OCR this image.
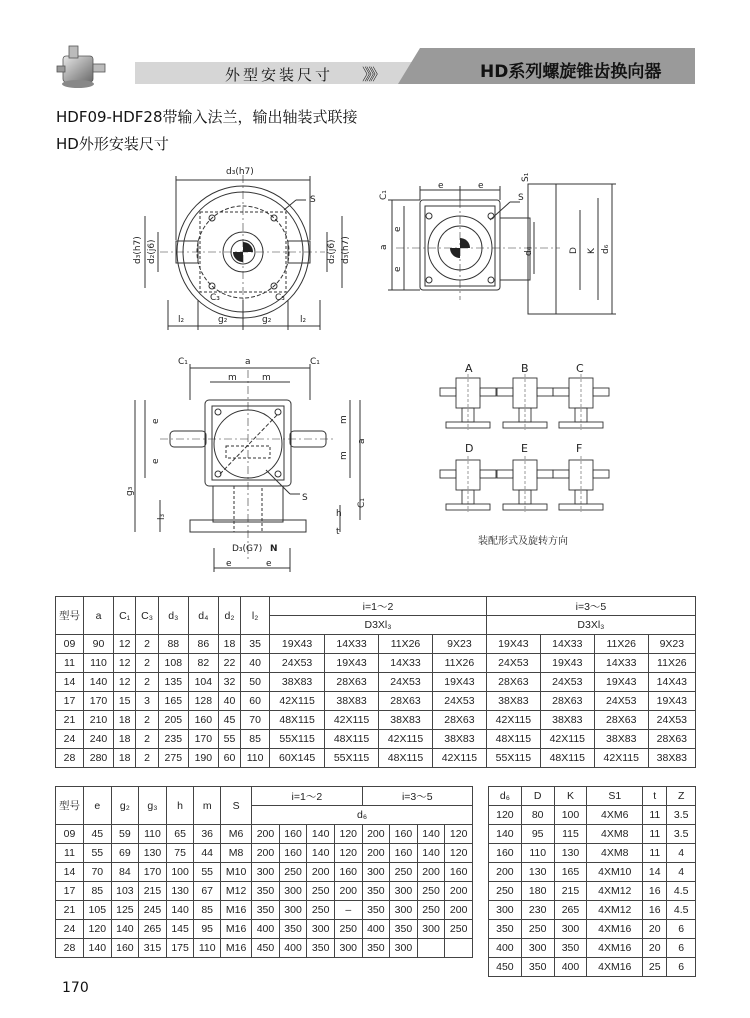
外型安装尺寸 》》》	HD系列螺旋锥齿换向器
HDF09-HDF28带输入法兰，输出轴装式联接
HD外形安装尺寸
d₃(h7)
S
d₃(h7) d₂(j6)	d₂(j6) d₃(h7)
C₃	C₃
l₂	g₂	g₂	l₂
e	e
C₁
a
e
e
S₁
S
d₄	D K d₆
C₁	a	C₁
m	m
e
e
g₃
l₃
m
m
a
C₁
h
t
S
D₃(G7) N
e	e
A	B	C
D	E	F
装配形式及旋转方向
型号	a	C₁	C₃	d₃	d₄	d₂	l₂	i=1～2				i=3～5			
								D3Xl₃				D3Xl₃			
09	90	12	2	88	86	18	35	19X43	14X33	11X26	9X23	19X43	14X33	11X26	9X23
11	110	12	2	108	82	22	40	24X53	19X43	14X33	11X26	24X53	19X43	14X33	11X26
14	140	12	2	135	104	32	50	38X83	28X63	24X53	19X43	28X63	24X53	19X43	14X43
17	170	15	3	165	128	40	60	42X115	38X83	28X63	24X53	38X83	28X63	24X53	19X43
21	210	18	2	205	160	45	70	48X115	42X115	38X83	28X63	42X115	38X83	28X63	24X53
24	240	18	2	235	170	55	85	55X115	48X115	42X115	38X83	48X115	42X115	38X83	28X63
28	280	18	2	275	190	60	110	60X145	55X115	48X115	42X115	55X115	48X115	42X115	38X83
型号	e	g₂	g₃	h	m	S	i=1～2				i=3～5			
							d₆							
09	45	59	110	65	36	M6	200	160	140	120	200	160	140	120
11	55	69	130	75	44	M8	200	160	140	120	200	160	140	120
14	70	84	170	100	55	M10	300	250	200	160	300	250	200	160
17	85	103	215	130	67	M12	350	300	250	200	350	300	250	200
21	105	125	245	140	85	M16	350	300	250	–	350	300	250	200
24	120	140	265	145	95	M16	400	350	300	250	400	350	300	250
28	140	160	315	175	110	M16	450	400	350	300	350	300		
d₆	D	K	S1	t	Z
120	80	100	4XM6	11	3.5
140	95	115	4XM8	11	3.5
160	110	130	4XM8	11	4
200	130	165	4XM10	14	4
250	180	215	4XM12	16	4.5
300	230	265	4XM12	16	4.5
350	250	300	4XM16	20	6
400	300	350	4XM16	20	6
450	350	400	4XM16	25	6
170
